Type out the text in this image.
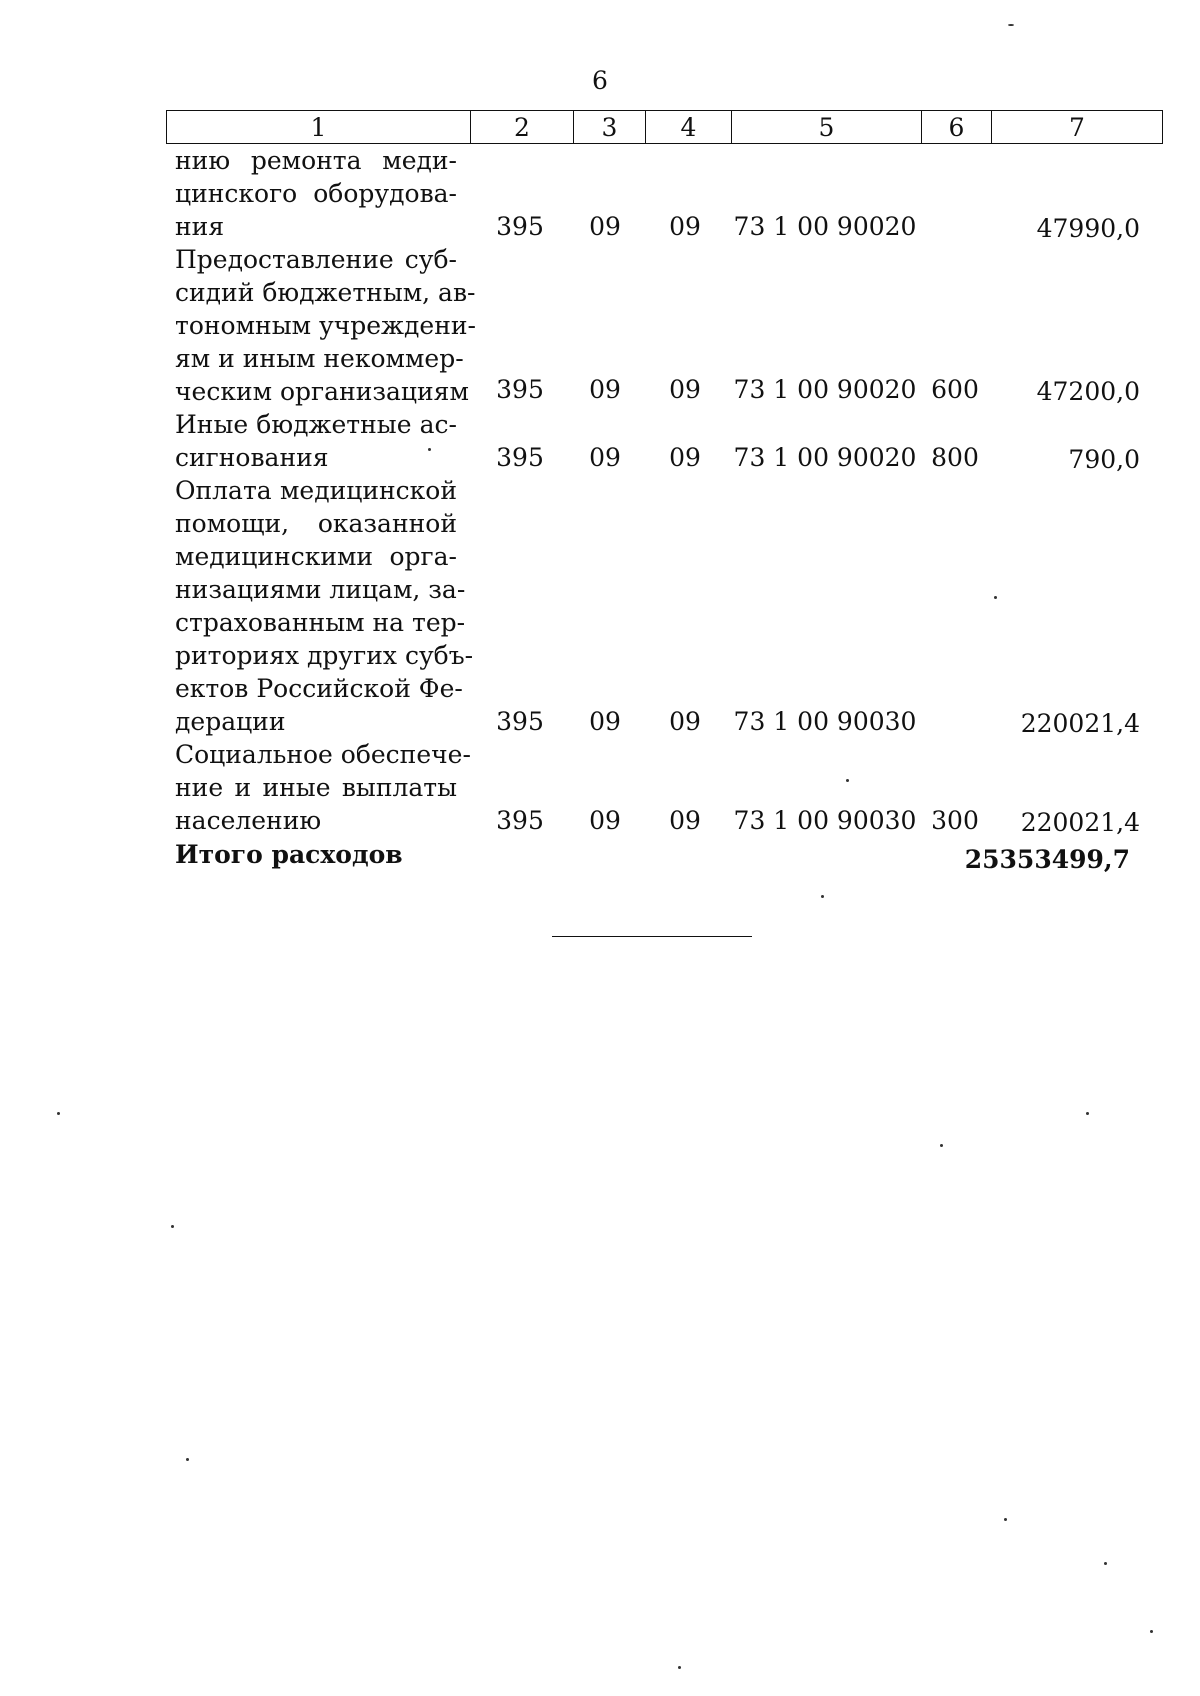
6
1	2	3	4	5	6	7
нию ремонта меди-
цинского оборудова-
ния	395	09	09	73 1 00 90020	47990,0
Предоставление суб-
сидий бюджетным, ав-
тономным учреждени-
ям и иным некоммер-
ческим организациям 395	09	09	73 1 00 90020 600	47200,0
Иные бюджетные ас-
сигнования	395	09	09	73 1 00 90020 800	790,0
Оплата медицинской
помощи, оказанной
медицинскими орга-
низациями лицам, за-
страхованным на тер-
риториях других субъ-
ектов Российской Фе-
дерации	395	09	09	73 1 00 90030	220021,4
Социальное обеспече-
ние и иные выплаты
населению	395	09	09	73 1 00 90030 300	220021,4
Итого расходов	25353499,7
